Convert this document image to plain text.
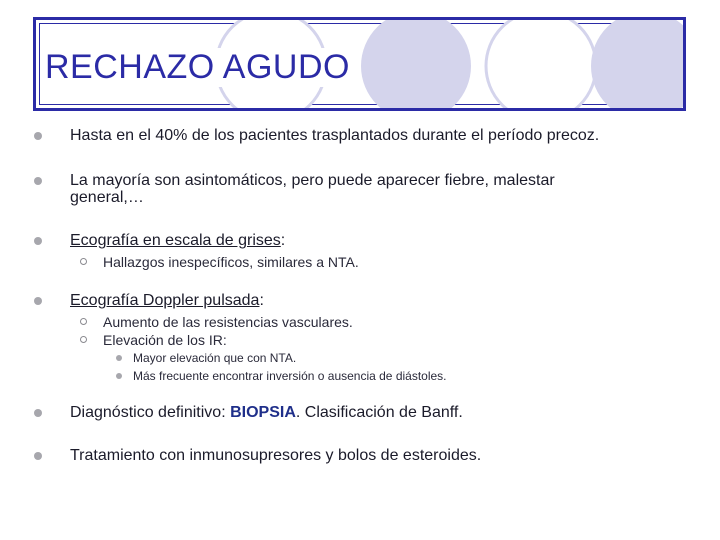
RECHAZO AGUDO
Hasta en el 40% de los pacientes trasplantados durante el período precoz.
La mayoría son asintomáticos, pero puede aparecer fiebre, malestar
general,…
Ecografía en escala de grises:
Hallazgos inespecíficos, similares a NTA.
Ecografía Doppler pulsada:
Aumento de las resistencias vasculares.
Elevación de los IR:
Mayor elevación que con NTA.
Más frecuente encontrar inversión o ausencia de diástoles.
Diagnóstico definitivo: BIOPSIA. Clasificación de Banff.
Tratamiento con inmunosupresores y bolos de esteroides.
